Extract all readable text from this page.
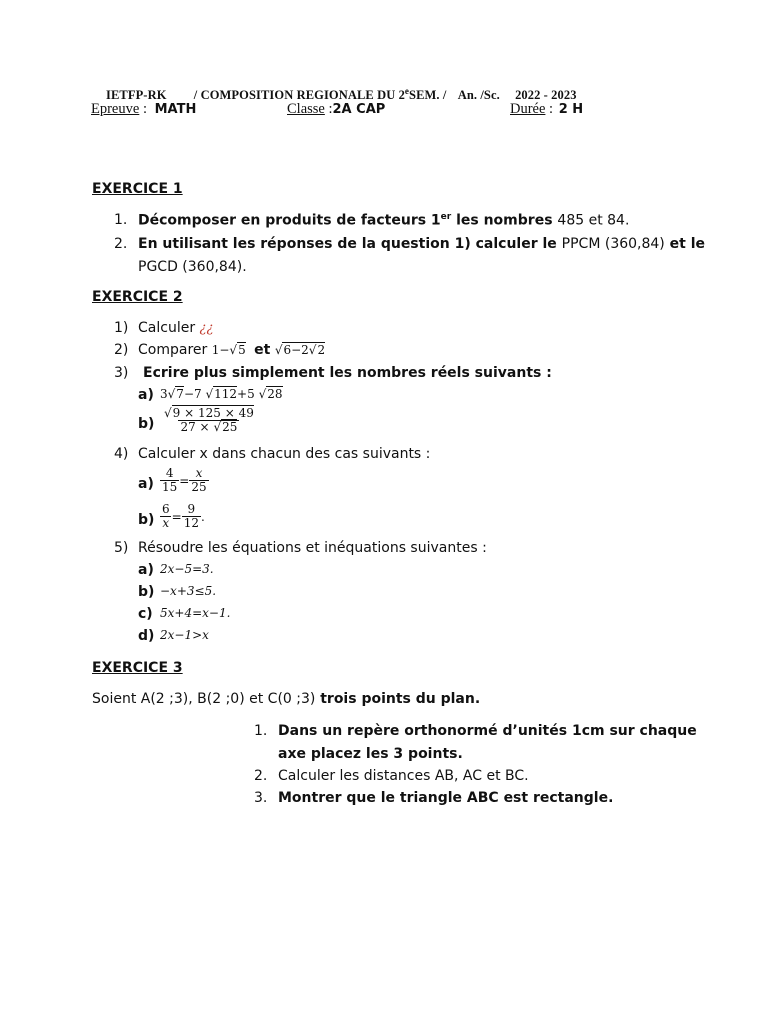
IETFP-RK / COMPOSITION REGIONALE DU 2eSEM. / An. /Sc. 2022 - 2023
Epreuve : MATH	Classe :2A CAP	Durée : 2 H
EXERCICE 1
1. Décomposer en produits de facteurs 1er les nombres 485 et 84.
2. En utilisant les réponses de la question 1) calculer le PPCM (360,84) et le
PGCD (360,84).
EXERCICE 2
1) Calculer ¿¿
2) Comparer 1−√5 et √6−2√2
3) Ecrire plus simplement les nombres réels suivants :
a) 3√7−7 √112+5 √28
$b) \frac{√9 \times 125 \times 49}{27 \times √25}$
4) Calculer x dans chacun des cas suivants :
$a) \frac{4}{15} = \frac{x}{25}$
$b) \frac{6}{x} = \frac{9}{12}$ .
5) Résoudre les équations et inéquations suivantes :
a) 2x−5=3.
b) −x+3≤5.
c) 5x+4=x−1.
d) 2x−1>x
EXERCICE 3
Soient A(2 ;3), B(2 ;0) et C(0 ;3) trois points du plan.
1. Dans un repère orthonormé d’unités 1cm sur chaque
axe placez les 3 points.
2. Calculer les distances AB, AC et BC.
3. Montrer que le triangle ABC est rectangle.
